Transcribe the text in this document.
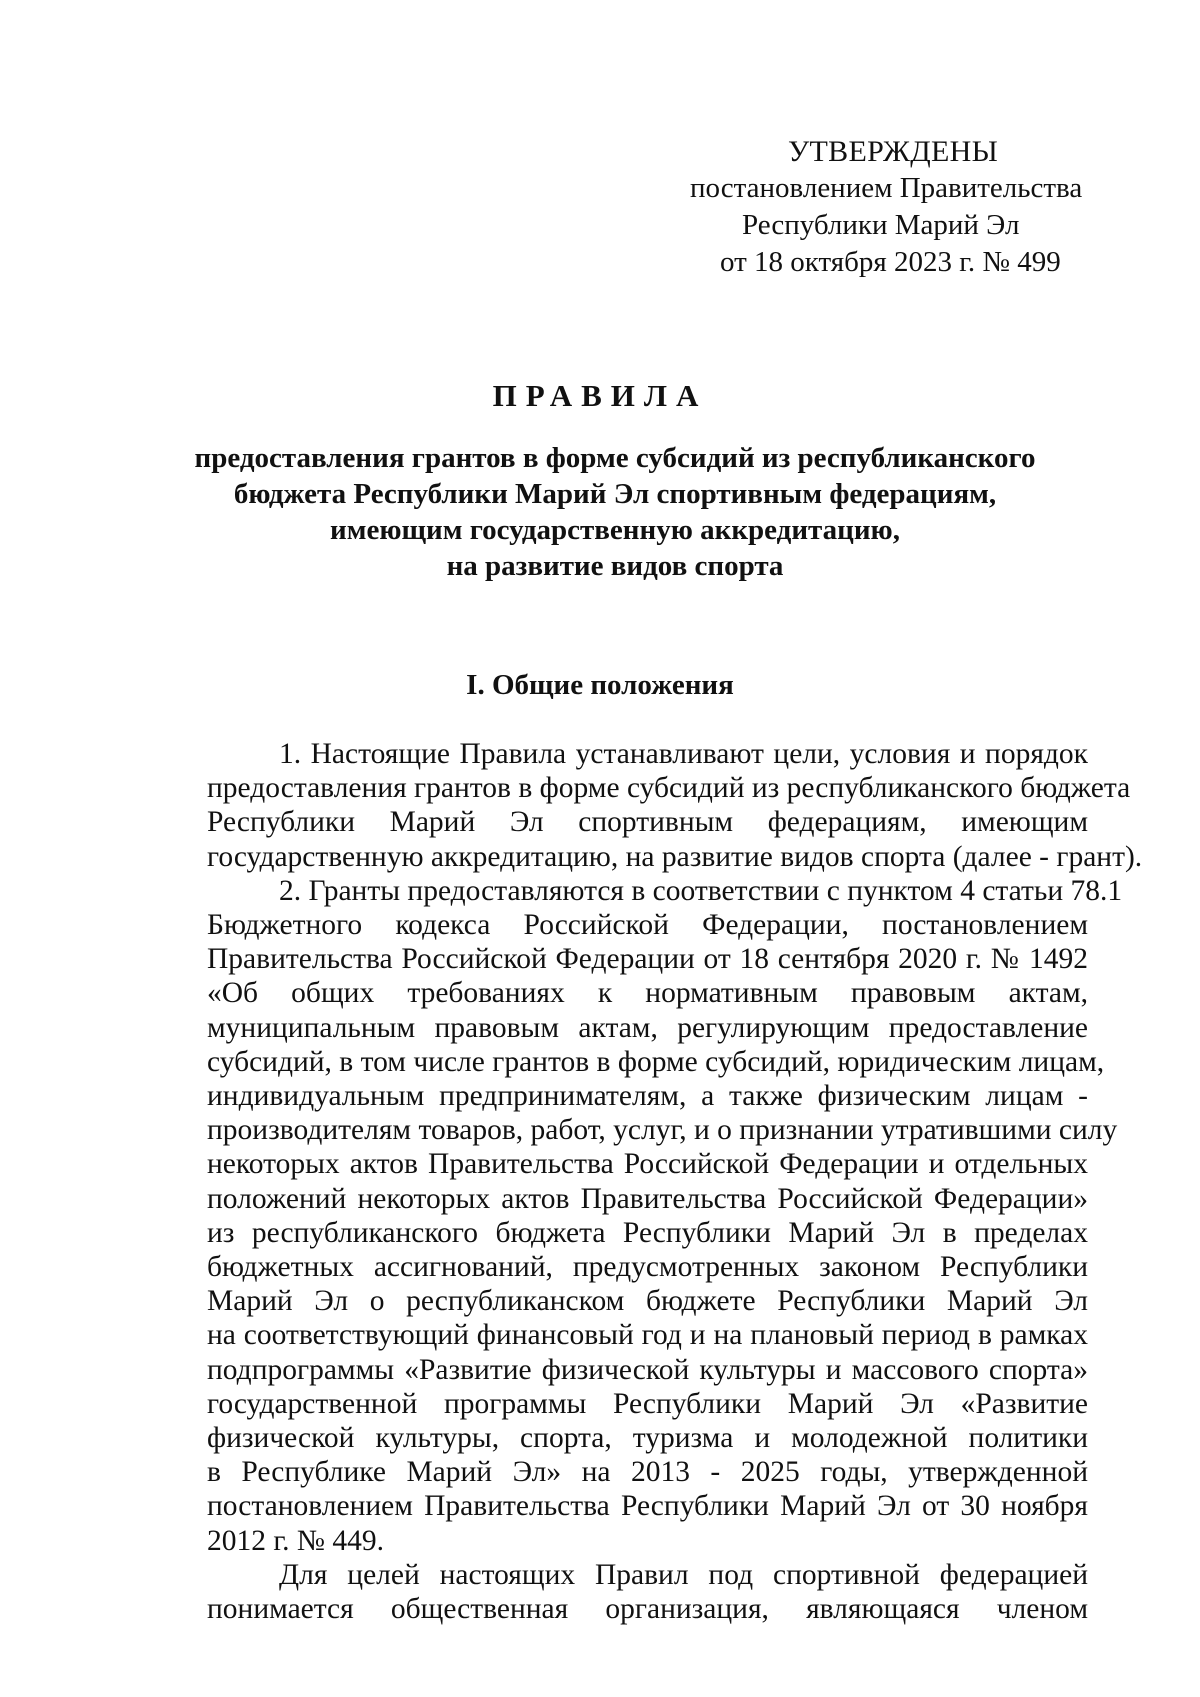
УТВЕРЖДЕНЫ
постановлением Правительства
Республики Марий Эл
от 18 октября 2023 г. № 499
ПРАВИЛА
предоставления грантов в форме субсидий из республиканского
бюджета Республики Марий Эл спортивным федерациям,
имеющим государственную аккредитацию,
на развитие видов спорта
I. Общие положения
1. Настоящие Правила устанавливают цели, условия и порядок
предоставления грантов в форме субсидий из республиканского бюджета
Республики Марий Эл спортивным федерациям, имеющим
государственную аккредитацию, на развитие видов спорта (далее - грант).
2. Гранты предоставляются в соответствии с пунктом 4 статьи 78.1
Бюджетного кодекса Российской Федерации, постановлением
Правительства Российской Федерации от 18 сентября 2020 г. № 1492
«Об общих требованиях к нормативным правовым актам,
муниципальным правовым актам, регулирующим предоставление
субсидий, в том числе грантов в форме субсидий, юридическим лицам,
индивидуальным предпринимателям, а также физическим лицам -
производителям товаров, работ, услуг, и о признании утратившими силу
некоторых актов Правительства Российской Федерации и отдельных
положений некоторых актов Правительства Российской Федерации»
из республиканского бюджета Республики Марий Эл в пределах
бюджетных ассигнований, предусмотренных законом Республики
Марий Эл о республиканском бюджете Республики Марий Эл
на соответствующий финансовый год и на плановый период в рамках
подпрограммы «Развитие физической культуры и массового спорта»
государственной программы Республики Марий Эл «Развитие
физической культуры, спорта, туризма и молодежной политики
в Республике Марий Эл» на 2013 - 2025 годы, утвержденной
постановлением Правительства Республики Марий Эл от 30 ноября
2012 г. № 449.
Для целей настоящих Правил под спортивной федерацией
понимается общественная организация, являющаяся членом
